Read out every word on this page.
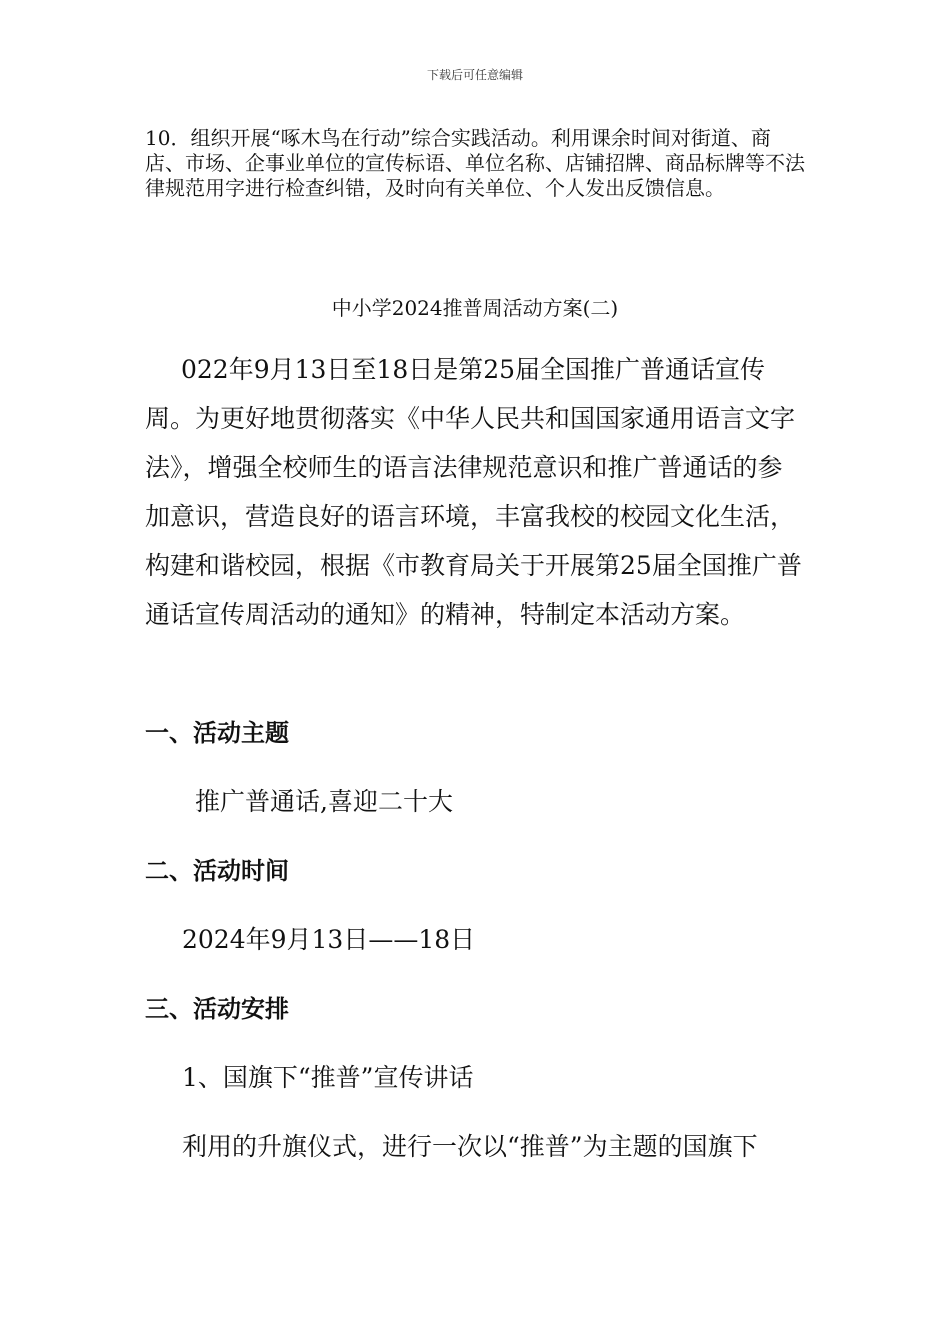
下载后可任意编辑

10．组织开展“啄木鸟在行动”综合实践活动。利用课余时间对街道、商店、市场、企事业单位的宣传标语、单位名称、店铺招牌、商品标牌等不法律规范用字进行检查纠错，及时向有关单位、个人发出反馈信息。

中小学2024推普周活动方案(二)

022年9月13日至18日是第25届全国推广普通话宣传周。为更好地贯彻落实《中华人民共和国国家通用语言文字法》，增强全校师生的语言法律规范意识和推广普通话的参加意识，营造良好的语言环境，丰富我校的校园文化生活，构建和谐校园，根据《市教育局关于开展第25届全国推广普通话宣传周活动的通知》的精神，特制定本活动方案。

一、活动主题

推广普通话,喜迎二十大

二、活动时间

2024年9月13日——18日

三、活动安排

1、国旗下“推普”宣传讲话

利用的升旗仪式，进行一次以“推普”为主题的国旗下
